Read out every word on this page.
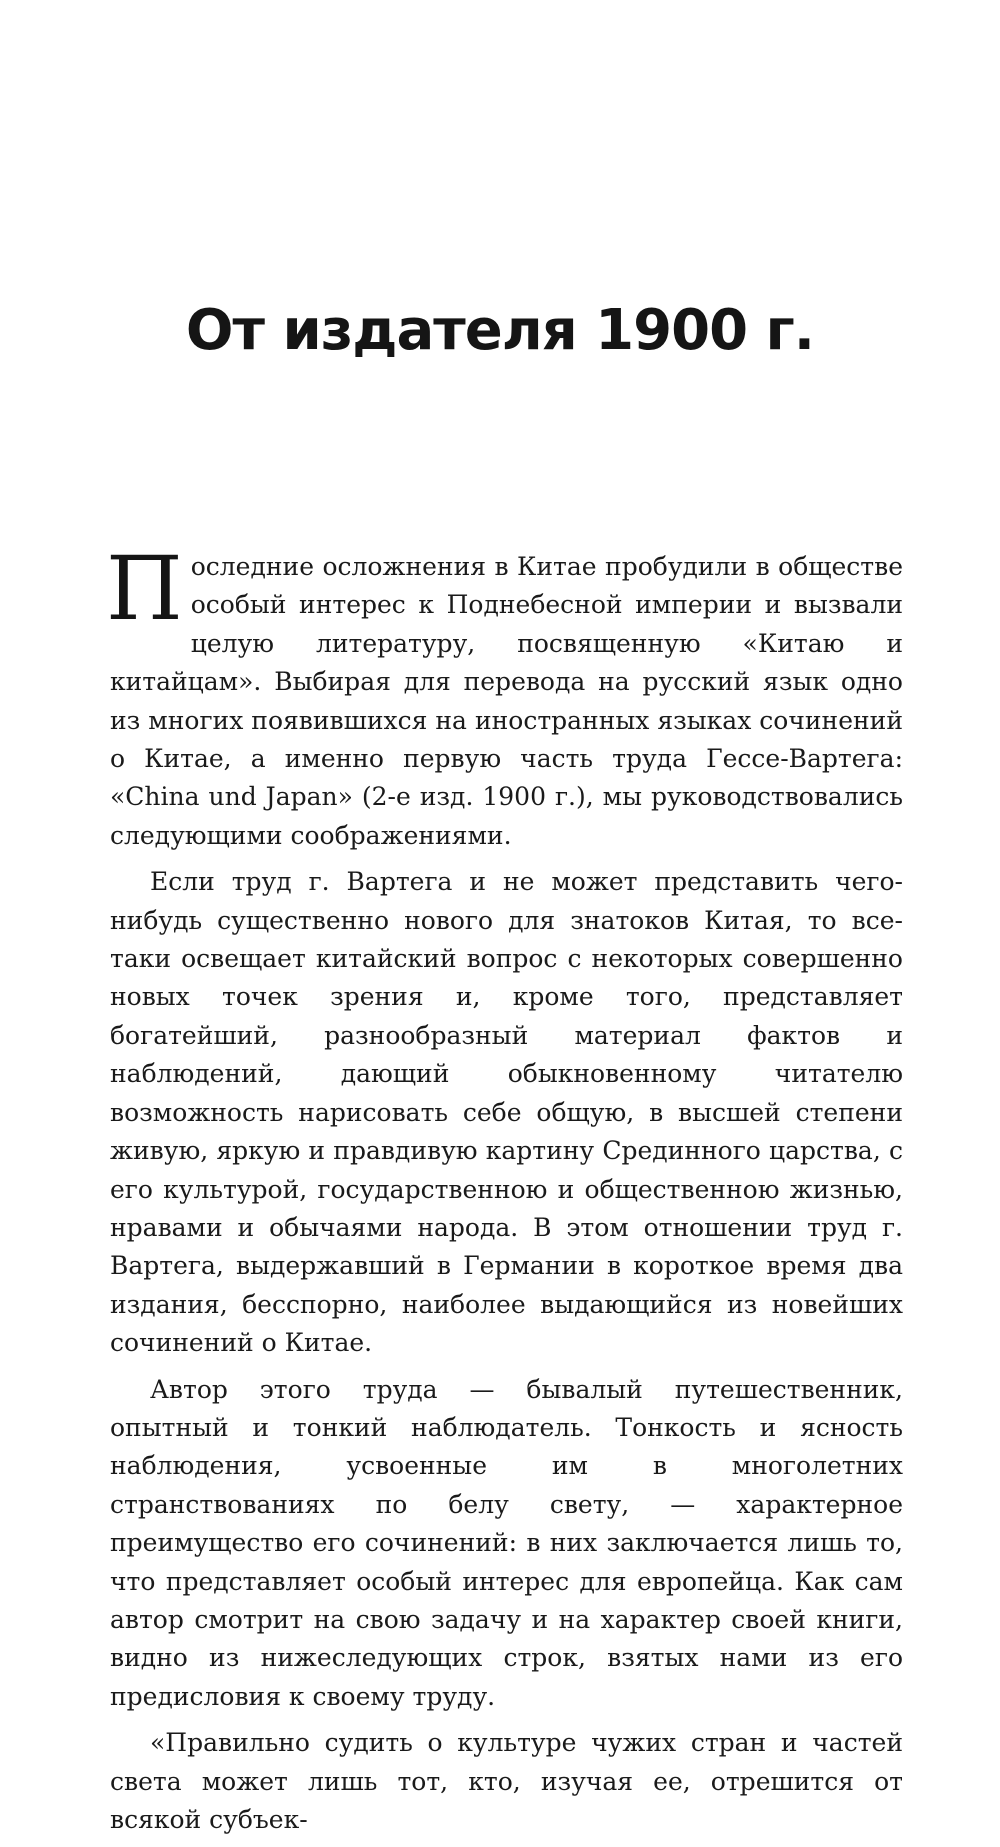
От издателя 1900 г.

Последние осложнения в Китае пробудили в обществе особый интерес к Поднебесной империи и вызвали целую литературу, посвященную «Китаю и китайцам». Выбирая для перевода на русский язык одно из многих появившихся на иностранных языках сочинений о Китае, а именно первую часть труда Гессе-Вартега: «China und Japan» (2-е изд. 1900 г.), мы руководствовались следующими соображениями.

Если труд г. Вартега и не может представить чего-нибудь существенно нового для знатоков Китая, то все-таки освещает китайский вопрос с некоторых совершенно новых точек зрения и, кроме того, представляет богатейший, разнообразный материал фактов и наблюдений, дающий обыкновенному читателю возможность нарисовать себе общую, в высшей степени живую, яркую и правдивую картину Срединного царства, с его культурой, государственною и общественною жизнью, нравами и обычаями народа. В этом отношении труд г. Вартега, выдержавший в Германии в короткое время два издания, бесспорно, наиболее выдающийся из новейших сочинений о Китае.

Автор этого труда — бывалый путешественник, опытный и тонкий наблюдатель. Тонкость и ясность наблюдения, усвоенные им в многолетних странствованиях по белу свету, — характерное преимущество его сочинений: в них заключается лишь то, что представляет особый интерес для европейца. Как сам автор смотрит на свою задачу и на характер своей книги, видно из нижеследующих строк, взятых нами из его предисловия к своему труду.

«Правильно судить о культуре чужих стран и частей света может лишь тот, кто, изучая ее, отрешится от всякой субъек-
